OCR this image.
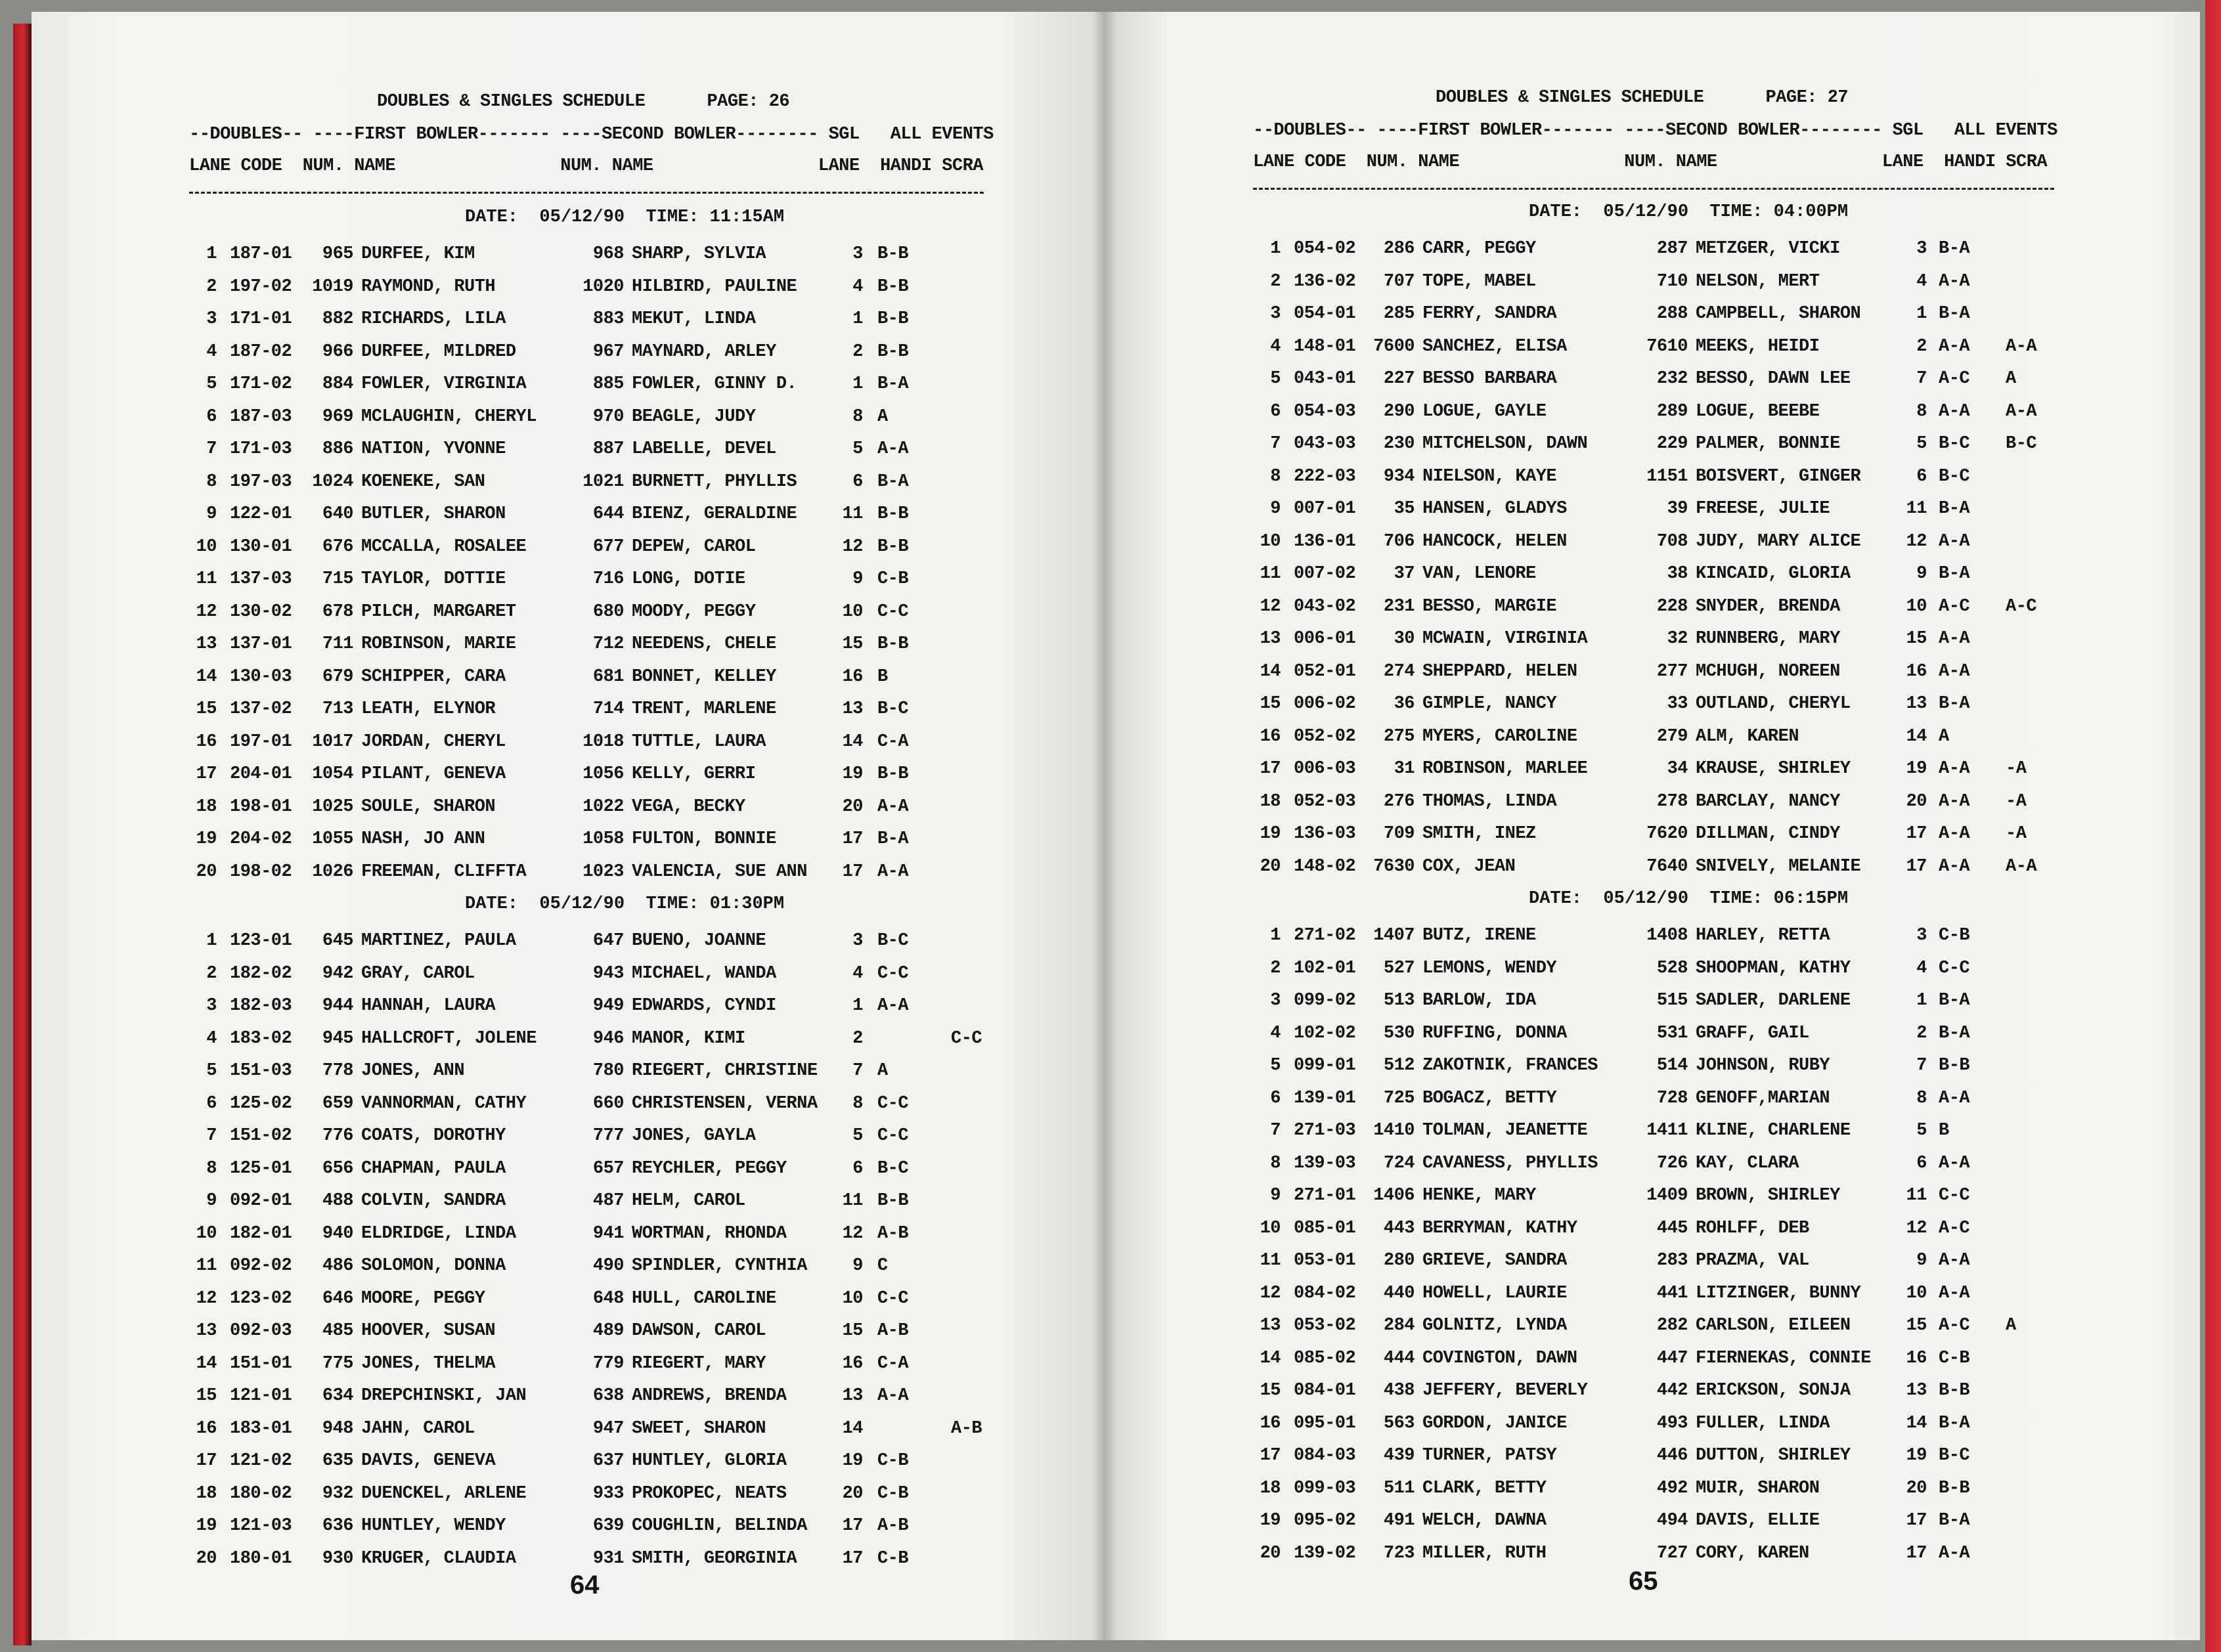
DOUBLES & SINGLES SCHEDULE      PAGE: 26
--DOUBLES-- ----FIRST BOWLER------- ----SECOND BOWLER-------- SGL   ALL EVENTS
LANE CODE  NUM. NAME                NUM. NAME                LANE  HANDI SCRA
DATE:  05/12/90  TIME: 11:15AM
1 187-01	965 DURFEE, KIM	968 SHARP, SYLVIA	3 B-B
2 197-02	1019 RAYMOND, RUTH	1020 HILBIRD, PAULINE	4 B-B
3 171-01	882 RICHARDS, LILA	883 MEKUT, LINDA	1 B-B
4 187-02	966 DURFEE, MILDRED	967 MAYNARD, ARLEY	2 B-B
5 171-02	884 FOWLER, VIRGINIA	885 FOWLER, GINNY D.	1 B-A
6 187-03	969 MCLAUGHIN, CHERYL	970 BEAGLE, JUDY	8 A
7 171-03	886 NATION, YVONNE	887 LABELLE, DEVEL	5 A-A
8 197-03	1024 KOENEKE, SAN	1021 BURNETT, PHYLLIS	6 B-A
9 122-01	640 BUTLER, SHARON	644 BIENZ, GERALDINE	11 B-B
10 130-01	676 MCCALLA, ROSALEE	677 DEPEW, CAROL	12 B-B
11 137-03	715 TAYLOR, DOTTIE	716 LONG, DOTIE	9 C-B
12 130-02	678 PILCH, MARGARET	680 MOODY, PEGGY	10 C-C
13 137-01	711 ROBINSON, MARIE	712 NEEDENS, CHELE	15 B-B
14 130-03	679 SCHIPPER, CARA	681 BONNET, KELLEY	16 B
15 137-02	713 LEATH, ELYNOR	714 TRENT, MARLENE	13 B-C
16 197-01	1017 JORDAN, CHERYL	1018 TUTTLE, LAURA	14 C-A
17 204-01	1054 PILANT, GENEVA	1056 KELLY, GERRI	19 B-B
18 198-01	1025 SOULE, SHARON	1022 VEGA, BECKY	20 A-A
19 204-02	1055 NASH, JO ANN	1058 FULTON, BONNIE	17 B-A
20 198-02	1026 FREEMAN, CLIFFTA	1023 VALENCIA, SUE ANN	17 A-A
DATE:  05/12/90  TIME: 01:30PM
1 123-01	645 MARTINEZ, PAULA	647 BUENO, JOANNE	3 B-C
2 182-02	942 GRAY, CAROL	943 MICHAEL, WANDA	4 C-C
3 182-03	944 HANNAH, LAURA	949 EDWARDS, CYNDI	1 A-A
4 183-02	945 HALLCROFT, JOLENE	946 MANOR, KIMI	2	C-C
5 151-03	778 JONES, ANN	780 RIEGERT, CHRISTINE	7 A
6 125-02	659 VANNORMAN, CATHY	660 CHRISTENSEN, VERNA	8 C-C
7 151-02	776 COATS, DOROTHY	777 JONES, GAYLA	5 C-C
8 125-01	656 CHAPMAN, PAULA	657 REYCHLER, PEGGY	6 B-C
9 092-01	488 COLVIN, SANDRA	487 HELM, CAROL	11 B-B
10 182-01	940 ELDRIDGE, LINDA	941 WORTMAN, RHONDA	12 A-B
11 092-02	486 SOLOMON, DONNA	490 SPINDLER, CYNTHIA	9 C
12 123-02	646 MOORE, PEGGY	648 HULL, CAROLINE	10 C-C
13 092-03	485 HOOVER, SUSAN	489 DAWSON, CAROL	15 A-B
14 151-01	775 JONES, THELMA	779 RIEGERT, MARY	16 C-A
15 121-01	634 DREPCHINSKI, JAN	638 ANDREWS, BRENDA	13 A-A
16 183-01	948 JAHN, CAROL	947 SWEET, SHARON	14	A-B
17 121-02	635 DAVIS, GENEVA	637 HUNTLEY, GLORIA	19 C-B
18 180-02	932 DUENCKEL, ARLENE	933 PROKOPEC, NEATS	20 C-B
19 121-03	636 HUNTLEY, WENDY	639 COUGHLIN, BELINDA	17 A-B
20 180-01	930 KRUGER, CLAUDIA	931 SMITH, GEORGINIA	17 C-B
64
DOUBLES & SINGLES SCHEDULE      PAGE: 27
--DOUBLES-- ----FIRST BOWLER------- ----SECOND BOWLER-------- SGL   ALL EVENTS
LANE CODE  NUM. NAME                NUM. NAME                LANE  HANDI SCRA
DATE:  05/12/90  TIME: 04:00PM
1 054-02	286 CARR, PEGGY	287 METZGER, VICKI	3 B-A
2 136-02	707 TOPE, MABEL	710 NELSON, MERT	4 A-A
3 054-01	285 FERRY, SANDRA	288 CAMPBELL, SHARON	1 B-A
4 148-01 7600 SANCHEZ, ELISA	7610 MEEKS, HEIDI	2 A-A A-A
5 043-01	227 BESSO BARBARA	232 BESSO, DAWN LEE	7 A-C A
6 054-03	290 LOGUE, GAYLE	289 LOGUE, BEEBE	8 A-A A-A
7 043-03	230 MITCHELSON, DAWN	229 PALMER, BONNIE	5 B-C B-C
8 222-03	934 NIELSON, KAYE	1151 BOISVERT, GINGER	6 B-C
9 007-01	35 HANSEN, GLADYS	39 FREESE, JULIE	11 B-A
10 136-01	706 HANCOCK, HELEN	708 JUDY, MARY ALICE	12 A-A
11 007-02	37 VAN, LENORE	38 KINCAID, GLORIA	9 B-A
12 043-02	231 BESSO, MARGIE	228 SNYDER, BRENDA	10 A-C A-C
13 006-01	30 MCWAIN, VIRGINIA	32 RUNNBERG, MARY	15 A-A
14 052-01	274 SHEPPARD, HELEN	277 MCHUGH, NOREEN	16 A-A
15 006-02	36 GIMPLE, NANCY	33 OUTLAND, CHERYL	13 B-A
16 052-02	275 MYERS, CAROLINE	279 ALM, KAREN	14 A
17 006-03	31 ROBINSON, MARLEE	34 KRAUSE, SHIRLEY	19 A-A -A
18 052-03	276 THOMAS, LINDA	278 BARCLAY, NANCY	20 A-A -A
19 136-03	709 SMITH, INEZ	7620 DILLMAN, CINDY	17 A-A -A
20 148-02 7630 COX, JEAN	7640 SNIVELY, MELANIE	17 A-A A-A
DATE:  05/12/90  TIME: 06:15PM
1 271-02 1407 BUTZ, IRENE	1408 HARLEY, RETTA	3 C-B
2 102-01	527 LEMONS, WENDY	528 SHOOPMAN, KATHY	4 C-C
3 099-02	513 BARLOW, IDA	515 SADLER, DARLENE	1 B-A
4 102-02	530 RUFFING, DONNA	531 GRAFF, GAIL	2 B-A
5 099-01	512 ZAKOTNIK, FRANCES	514 JOHNSON, RUBY	7 B-B
6 139-01	725 BOGACZ, BETTY	728 GENOFF,MARIAN	8 A-A
7 271-03 1410 TOLMAN, JEANETTE	1411 KLINE, CHARLENE	5 B
8 139-03	724 CAVANESS, PHYLLIS	726 KAY, CLARA	6 A-A
9 271-01 1406 HENKE, MARY	1409 BROWN, SHIRLEY	11 C-C
10 085-01	443 BERRYMAN, KATHY	445 ROHLFF, DEB	12 A-C
11 053-01	280 GRIEVE, SANDRA	283 PRAZMA, VAL	9 A-A
12 084-02	440 HOWELL, LAURIE	441 LITZINGER, BUNNY	10 A-A
13 053-02	284 GOLNITZ, LYNDA	282 CARLSON, EILEEN	15 A-C A
14 085-02	444 COVINGTON, DAWN	447 FIERNEKAS, CONNIE	16 C-B
15 084-01	438 JEFFERY, BEVERLY	442 ERICKSON, SONJA	13 B-B
16 095-01	563 GORDON, JANICE	493 FULLER, LINDA	14 B-A
17 084-03	439 TURNER, PATSY	446 DUTTON, SHIRLEY	19 B-C
18 099-03	511 CLARK, BETTY	492 MUIR, SHARON	20 B-B
19 095-02	491 WELCH, DAWNA	494 DAVIS, ELLIE	17 B-A
20 139-02	723 MILLER, RUTH	727 CORY, KAREN	17 A-A
65
